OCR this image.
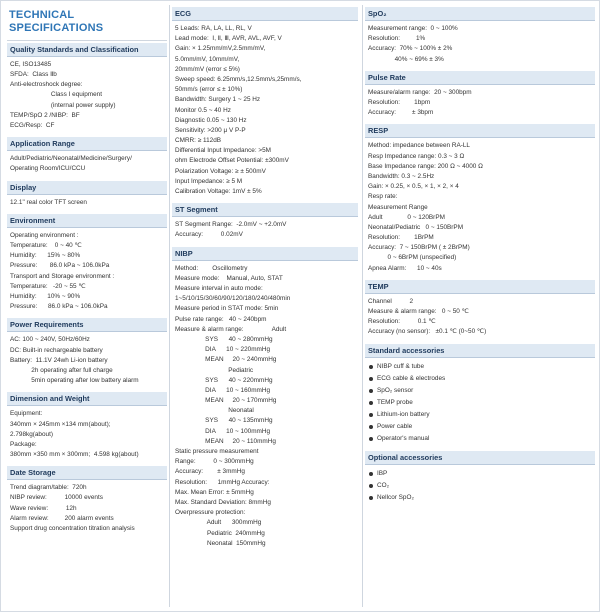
TECHNICAL SPECIFICATIONS
Quality Standards and Classification
CE, ISO13485
SFDA:  Class Ⅱb
Anti-electroshock degree:
Class I equipment
(internal power supply)
TEMP/SpO 2 /NIBP:  BF
ECG/Resp:  CF
Application Range
Adult/Pediatric/Neonatal/Medicine/Surgery/
Operating Room/ICU/CCU
Display
12.1" real color TFT screen
Environment
Operating environment :
Temperature:    0 ~ 40 ℃
Humidity:      15% ~ 80%
Pressure:       86.0 kPa ~ 106.0kPa
Transport and Storage environment :
Temperature:   -20 ~ 55 ℃
Humidity:      10% ~ 90%
Pressure:      86.0 kPa ~ 106.0kPa
Power Requirements
AC: 100 ~ 240V, 50Hz/60Hz
DC: Built-in rechargeable battery
Battery:  11.1V 24wh Li-ion battery
2h operating after full charge
5min operating after low battery alarm
Dimension and Weight
Equipment:
340mm × 245mm ×134 mm(about);
2.798kg(about)
Package:
380mm ×350 mm × 300mm;  4.598 kg(about)
Date Storage
Trend diagram/table:  720h
NIBP review:          10000 events
Wave review:          12h
Alarm review:         200 alarm events
Support drug concentration titration analysis
ECG
5 Leads: RA, LA, LL, RL, V
Lead mode:  Ⅰ, Ⅱ, Ⅲ, AVR, AVL, AVF, V
Gain: × 1.25mm/mV,2.5mm/mV,
5.0mm/mV, 10mm/mV,
20mm/mV (error ≤ 5%)
Sweep speed: 6.25mm/s,12.5mm/s,25mm/s,
50mm/s (error ≤ ± 10%)
Bandwidth: Surgery 1 ~ 25 Hz
Monitor 0.5 ~ 40 Hz
Diagnostic 0.05 ~ 130 Hz
Sensitivity: >200 μ V P-P
CMRR: ≥ 112dB
Differential Input Impedance: >5M
ohm Electrode Offset Potential: ±300mV
Polarization Voltage: ≥ ± 500mV
Input Impedance: ≥ 5 M
Calibration Voltage: 1mV ± 5%
ST Segment
ST Segment Range:  -2.0mV ~ +2.0mV
Accuracy:          0.02mV
NIBP
Method:        Oscillometry
Measure mode:    Manual, Auto, STAT
Measure interval in auto mode:
1~5/10/15/30/60/90/120/180/240/480min
Measure period in STAT mode: 5min
Pulse rate range:   40 ~ 240bpm
Measure & alarm range:                Adult
SYS      40 ~ 280mmHg
DIA      10 ~ 220mmHg
MEAN     20 ~ 240mmHg
Pediatric
SYS      40 ~ 220mmHg
DIA      10 ~ 160mmHg
MEAN     20 ~ 170mmHg
Neonatal
SYS      40 ~ 135mmHg
DIA      10 ~ 100mmHg
MEAN     20 ~ 110mmHg
Static pressure measurement
Range:          0 ~ 300mmHg
Accuracy:        ± 3mmHg
Resolution:      1mmHg Accuracy:
Max. Mean Error: ± 5mmHg
Max. Standard Deviation: 8mmHg
Overpressure protection:
Adult      300mmHg
Pediatric  240mmHg
Neonatal  150mmHg
SpO₂
Measurement range:  0 ~ 100%
Resolution:         1%
Accuracy:  70% ~ 100% ± 2%
40% ~ 69% ± 3%
Pulse Rate
Measure/alarm range:  20 ~ 300bpm
Resolution:        1bpm
Accuracy:         ± 3bpm
RESP
Method: impedance between RA-LL
Resp Impedance range: 0.3 ~ 3 Ω
Base Impedance range: 200 Ω ~ 4000 Ω
Bandwidth: 0.3 ~ 2.5Hz
Gain: × 0.25, × 0.5, × 1, × 2, × 4
Resp rate:
Measurement Range
Adult              0 ~ 120BrPM
Neonatal/Pediatric   0 ~ 150BrPM
Resolution:        1BrPM
Accuracy:  7 ~ 150BrPM ( ± 2BrPM)
0 ~ 6BrPM (unspecified)
Apnea Alarm:      10 ~ 40s
TEMP
Channel          2
Measure & alarm range:   0 ~ 50 ℃
Resolution:          0.1 ℃
Accuracy (no sensor):   ±0.1 ℃ (0~50 ℃)
Standard accessories
NIBP cuff & tube
ECG cable & electrodes
SpO₂ sensor
TEMP probe
Lithium-ion battery
Power cable
Operator's manual
Optional accessories
IBP
CO₂
Nellcor SpO₂
